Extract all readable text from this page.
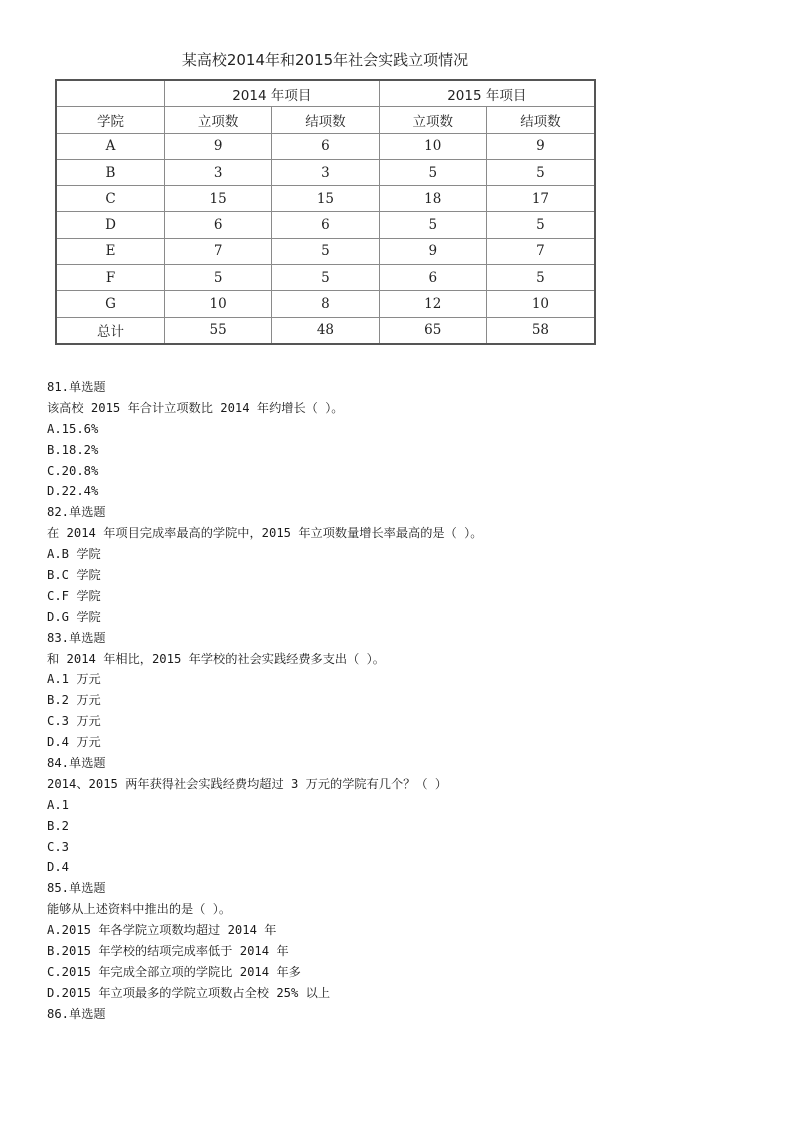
某高校2014年和2015年社会实践立项情况
	2014 年项目		2015 年项目	
学院	立项数	结项数	立项数	结项数
A	9	6	10	9
B	3	3	5	5
C	15	15	18	17
D	6	6	5	5
E	7	5	9	7
F	5	5	6	5
G	10	8	12	10
总计	55	48	65	58
81.单选题
该高校 2015 年合计立项数比 2014 年约增长（ ）。
A.15.6%
B.18.2%
C.20.8%
D.22.4%
82.单选题
在 2014 年项目完成率最高的学院中，2015 年立项数量增长率最高的是（ ）。
A.B 学院
B.C 学院
C.F 学院
D.G 学院
83.单选题
和 2014 年相比，2015 年学校的社会实践经费多支出（ ）。
A.1 万元
B.2 万元
C.3 万元
D.4 万元
84.单选题
2014、2015 两年获得社会实践经费均超过 3 万元的学院有几个？（ ）
A.1
B.2
C.3
D.4
85.单选题
能够从上述资料中推出的是（ ）。
A.2015 年各学院立项数均超过 2014 年
B.2015 年学校的结项完成率低于 2014 年
C.2015 年完成全部立项的学院比 2014 年多
D.2015 年立项最多的学院立项数占全校 25% 以上
86.单选题
